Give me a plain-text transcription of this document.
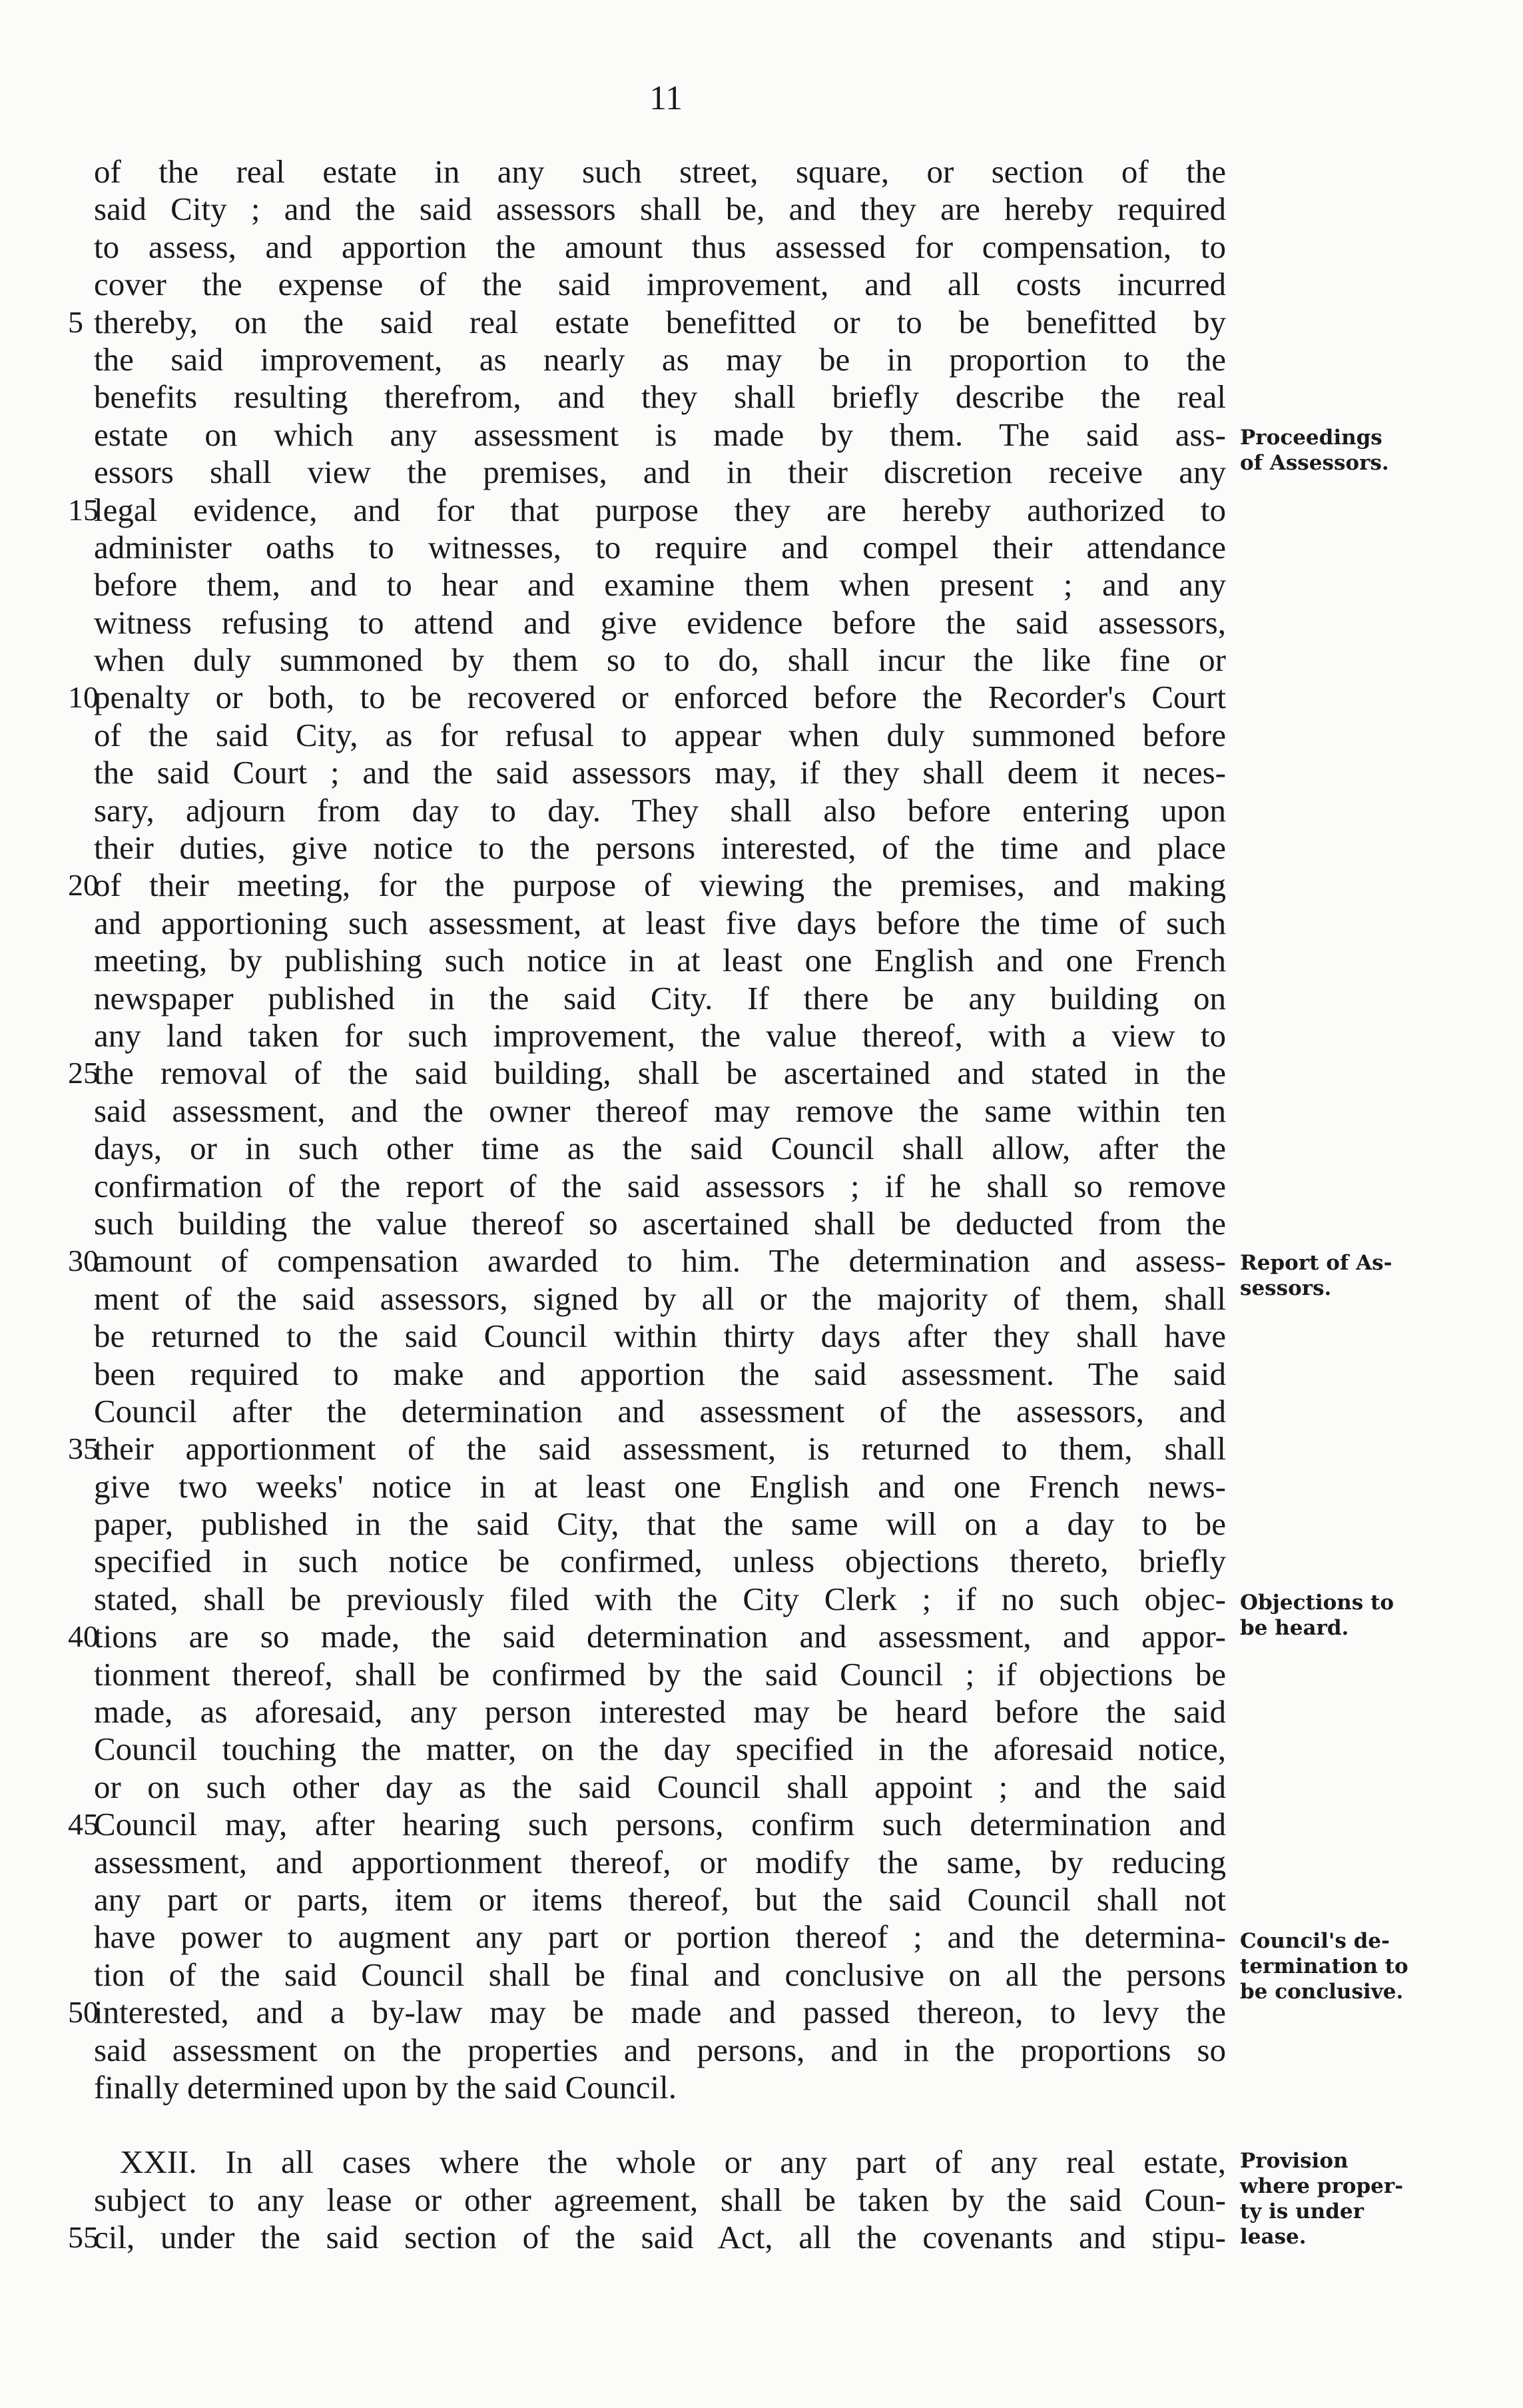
11
of the real estate in any such street, square, or section of the
said City ; and the said assessors shall be, and they are hereby required
to assess, and apportion the amount thus assessed for compensation, to
cover the expense of the said improvement, and all costs incurred
5 thereby, on the said real estate benefitted or to be benefitted by
the said improvement, as nearly as may be in proportion to the
benefits resulting therefrom, and they shall briefly describe the real
estate on which any assessment is made by them. The said ass-
essors shall view the premises, and in their discretion receive any
15
legal evidence, and for that purpose they are hereby authorized to
administer oaths to witnesses, to require and compel their attendance
before them, and to hear and examine them when present ; and any
witness refusing to attend and give evidence before the said assessors,
when duly summoned by them so to do, shall incur the like fine or
10
penalty or both, to be recovered or enforced before the Recorder's Court
of the said City, as for refusal to appear when duly summoned before
the said Court ; and the said assessors may, if they shall deem it neces-
sary, adjourn from day to day. They shall also before entering upon
their duties, give notice to the persons interested, of the time and place
20
of their meeting, for the purpose of viewing the premises, and making
and apportioning such assessment, at least five days before the time of such
meeting, by publishing such notice in at least one English and one French
newspaper published in the said City. If there be any building on
any land taken for such improvement, the value thereof, with a view to
25
the removal of the said building, shall be ascertained and stated in the
said assessment, and the owner thereof may remove the same within ten
days, or in such other time as the said Council shall allow, after the
confirmation of the report of the said assessors ; if he shall so remove
such building the value thereof so ascertained shall be deducted from the
30
amount of compensation awarded to him. The determination and assess-
ment of the said assessors, signed by all or the majority of them, shall
be returned to the said Council within thirty days after they shall have
been required to make and apportion the said assessment. The said
Council after the determination and assessment of the assessors, and
35
their apportionment of the said assessment, is returned to them, shall
give two weeks' notice in at least one English and one French news-
paper, published in the said City, that the same will on a day to be
specified in such notice be confirmed, unless objections thereto, briefly
stated, shall be previously filed with the City Clerk ; if no such objec-
40
tions are so made, the said determination and assessment, and appor-
tionment thereof, shall be confirmed by the said Council ; if objections be
made, as aforesaid, any person interested may be heard before the said
Council touching the matter, on the day specified in the aforesaid notice,
or on such other day as the said Council shall appoint ; and the said
45
Council may, after hearing such persons, confirm such determination and
assessment, and apportionment thereof, or modify the same, by reducing
any part or parts, item or items thereof, but the said Council shall not
have power to augment any part or portion thereof ; and the determina-
tion of the said Council shall be final and conclusive on all the persons
50
interested, and a by-law may be made and passed thereon, to levy the
said assessment on the properties and persons, and in the proportions so
finally determined upon by the said Council.
XXII. In all cases where the whole or any part of any real estate,
subject to any lease or other agreement, shall be taken by the said Coun-
55
cil, under the said section of the said Act, all the covenants and stipu-
Proceedings
of Assessors.
Report of As-
sessors.
Objections to
be heard.
Council's de-
termination to
be conclusive.
Provision
where proper-
ty is under
lease.
